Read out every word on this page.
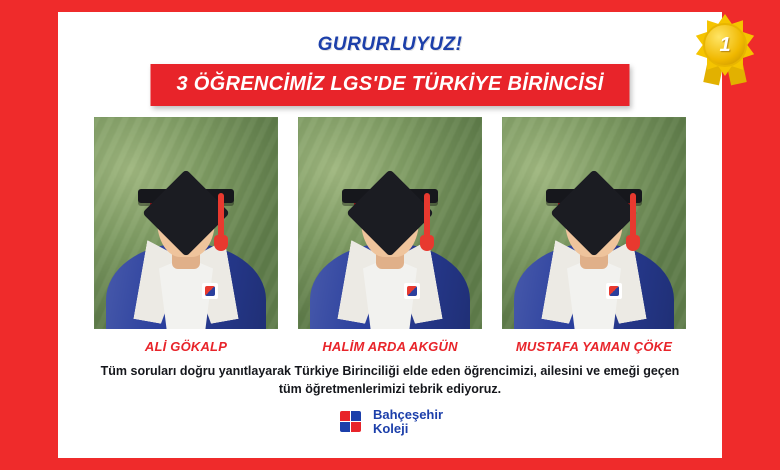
GURURLUYUZ!
3 ÖĞRENCİMİZ LGS'DE TÜRKİYE BİRİNCİSİ
ALİ GÖKALP	HALİM ARDA AKGÜN	MUSTAFA YAMAN ÇÖKE
Tüm soruları doğru yanıtlayarak Türkiye Birinciliği elde eden öğrencimizi, ailesini ve emeği geçen tüm öğretmenlerimizi tebrik ediyoruz.
Bahçeşehir
Koleji
1
